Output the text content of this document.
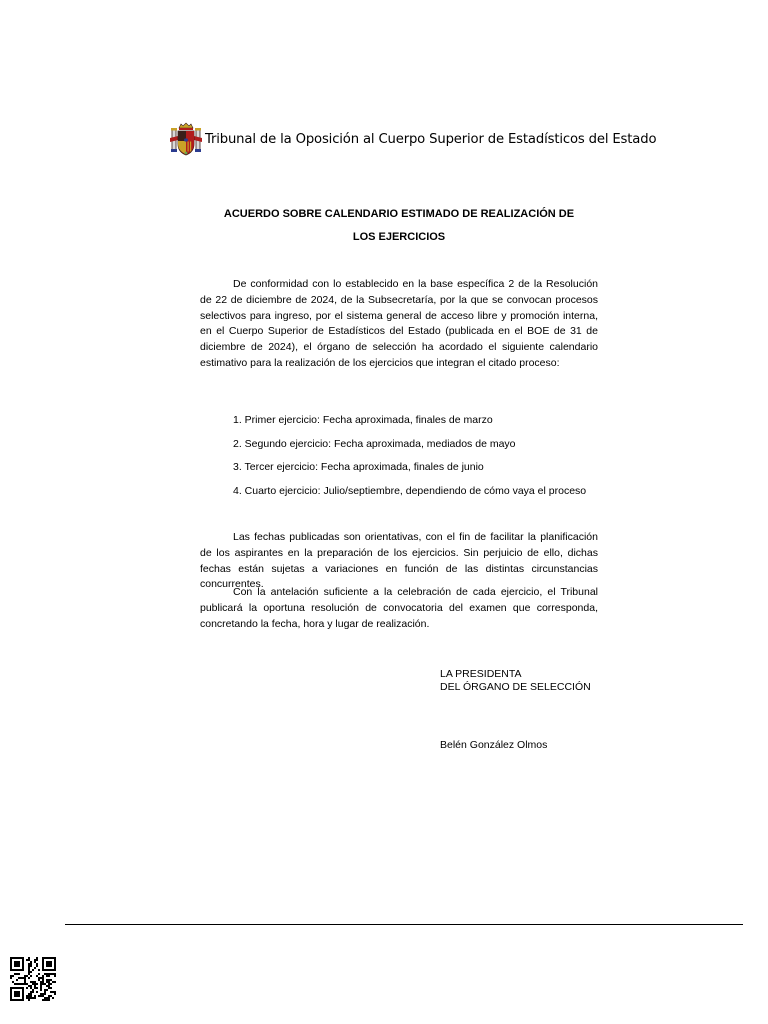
Tribunal de la Oposición al Cuerpo Superior de Estadísticos del Estado
ACUERDO SOBRE CALENDARIO ESTIMADO DE REALIZACIÓN DE
LOS EJERCICIOS

De conformidad con lo establecido en la base específica 2 de la Resolución de 22 de diciembre de 2024, de la Subsecretaría, por la que se convocan procesos selectivos para ingreso, por el sistema general de acceso libre y promoción interna, en el Cuerpo Superior de Estadísticos del Estado (publicada en el BOE de 31 de diciembre de 2024), el órgano de selección ha acordado el siguiente calendario estimativo para la realización de los ejercicios que integran el citado proceso:

1. Primer ejercicio: Fecha aproximada, finales de marzo
2. Segundo ejercicio: Fecha aproximada, mediados de mayo
3. Tercer ejercicio: Fecha aproximada, finales de junio
4. Cuarto ejercicio: Julio/septiembre, dependiendo de cómo vaya el proceso

Las fechas publicadas son orientativas, con el fin de facilitar la planificación de los aspirantes en la preparación de los ejercicios. Sin perjuicio de ello, dichas fechas están sujetas a variaciones en función de las distintas circunstancias concurrentes.

Con la antelación suficiente a la celebración de cada ejercicio, el Tribunal publicará la oportuna resolución de convocatoria del examen que corresponda, concretando la fecha, hora y lugar de realización.

LA PRESIDENTA
DEL ÓRGANO DE SELECCIÓN
Belén González Olmos
